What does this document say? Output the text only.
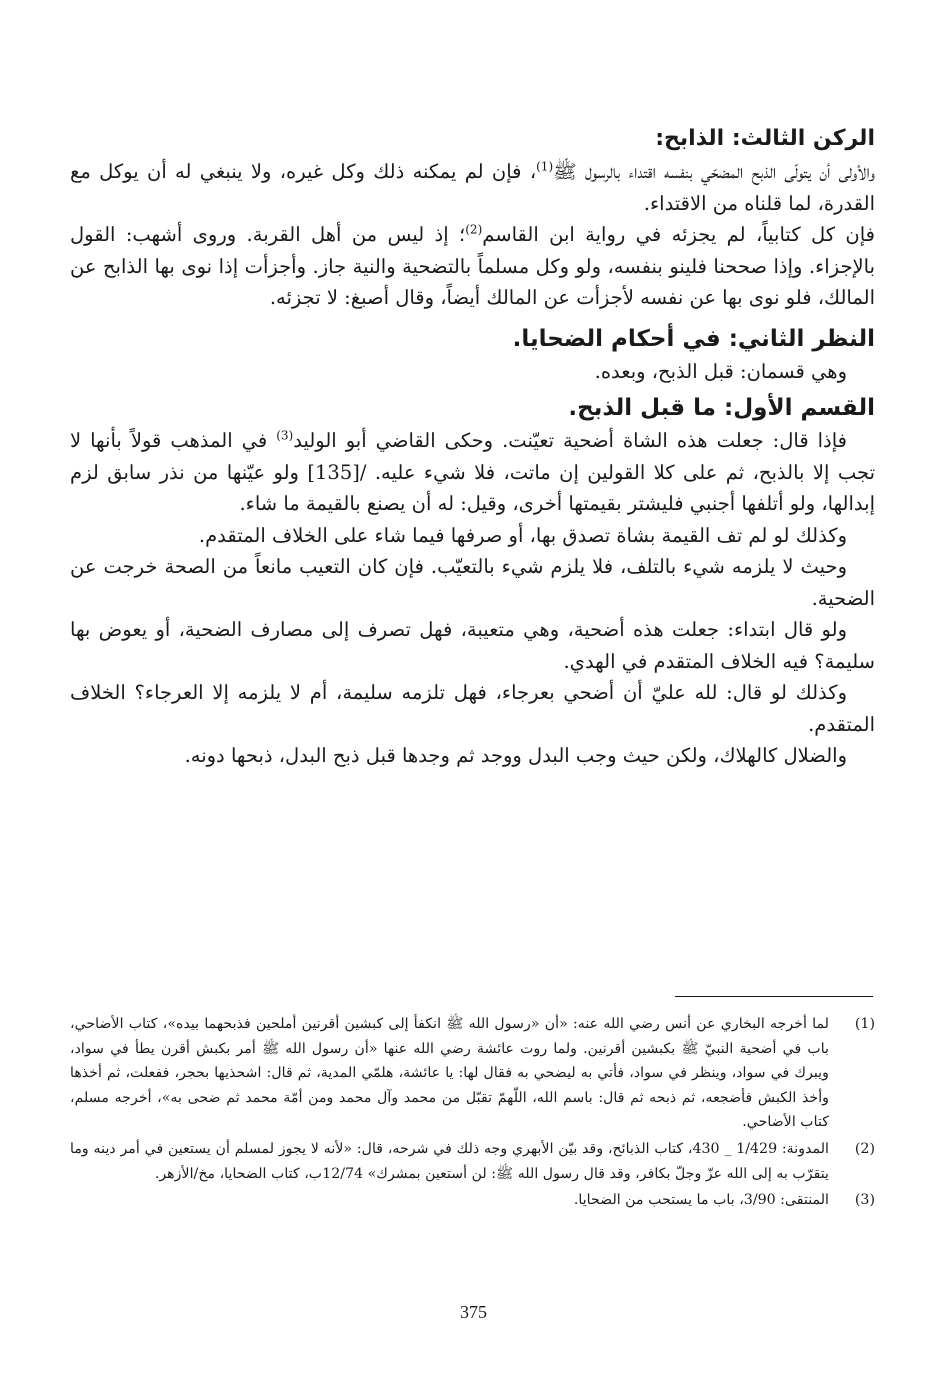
الركن الثالث: الذابح:

والأولى أن يتولّى الذبح المضحّي بنفسه اقتداء بالرسول ﷺ$^{(1)}$، فإن لم يمكنه ذلك وكل غيره، ولا ينبغي له أن يوكل مع القدرة، لما قلناه من الاقتداء.

فإن كل كتابياً، لم يجزئه في رواية ابن القاسم$^{(2)}$؛ إذ ليس من أهل القربة. وروى أشهب: القول بالإجزاء. وإذا صححنا فلينو بنفسه، ولو وكل مسلماً بالتضحية والنية جاز. وأجزأت إذا نوى بها الذابح عن المالك، فلو نوى بها عن نفسه لأجزأت عن المالك أيضاً، وقال أصبغ: لا تجزئه.

النظر الثاني: في أحكام الضحايا.

وهي قسمان: قبل الذبح، وبعده.

القسم الأول: ما قبل الذبح.

فإذا قال: جعلت هذه الشاة أضحية تعيّنت. وحكى القاضي أبو الوليد$^{(3)}$ في المذهب قولاً بأنها لا تجب إلا بالذبح، ثم على كلا القولين إن ماتت، فلا شيء عليه. /[135] ولو عيّنها من نذر سابق لزم إبدالها، ولو أتلفها أجنبي فليشتر بقيمتها أخرى، وقيل: له أن يصنع بالقيمة ما شاء.

وكذلك لو لم تف القيمة بشاة تصدق بها، أو صرفها فيما شاء على الخلاف المتقدم.

وحيث لا يلزمه شيء بالتلف، فلا يلزم شيء بالتعيّب. فإن كان التعيب مانعاً من الصحة خرجت عن الضحية.

ولو قال ابتداء: جعلت هذه أضحية، وهي متعيبة، فهل تصرف إلى مصارف الضحية، أو يعوض بها سليمة؟ فيه الخلاف المتقدم في الهدي.

وكذلك لو قال: لله عليّ أن أضحي بعرجاء، فهل تلزمه سليمة، أم لا يلزمه إلا العرجاء؟ الخلاف المتقدم.

والضلال كالهلاك، ولكن حيث وجب البدل ووجد ثم وجدها قبل ذبح البدل، ذبحها دونه.

(1)
لما أخرجه البخاري عن أنس رضي الله عنه: «أن «رسول الله ﷺ انكفأ إلى كبشين أقرنين أملحين فذبحهما بيده»، كتاب الأضاحي، باب في أضحية النبيّ ﷺ بكبشين أقرنين. ولما روت عائشة رضي الله عنها «أن رسول الله ﷺ أمر بكبش أقرن يطأ في سواد، ويبرك في سواد، وينظر في سواد، فأتي به ليضحي به فقال لها: يا عائشة، هلمّي المدية، ثم قال: اشحذيها بحجر، ففعلت، ثم أخذها وأخذ الكبش فأضجعه، ثم ذبحه ثم قال: باسم الله، اللّهمّ تقبّل من محمد وآل محمد ومن أمّة محمد ثم ضحى به»، أخرجه مسلم، كتاب الأضاحي.
(2)
المدونة: 1/429 _ 430، كتاب الذبائح، وقد بيّن الأبهري وجه ذلك في شرحه، قال: «لأنه لا يجوز لمسلم أن يستعين في أمر دينه وما يتقرّب به إلى الله عزّ وجلّ بكافر، وقد قال رسول الله ﷺ: لن أستعين بمشرك» 12/74ب، كتاب الضحايا، مخ/الأزهر.
(3)
المنتقى: 3/90، باب ما يستحب من الضحايا.
375
